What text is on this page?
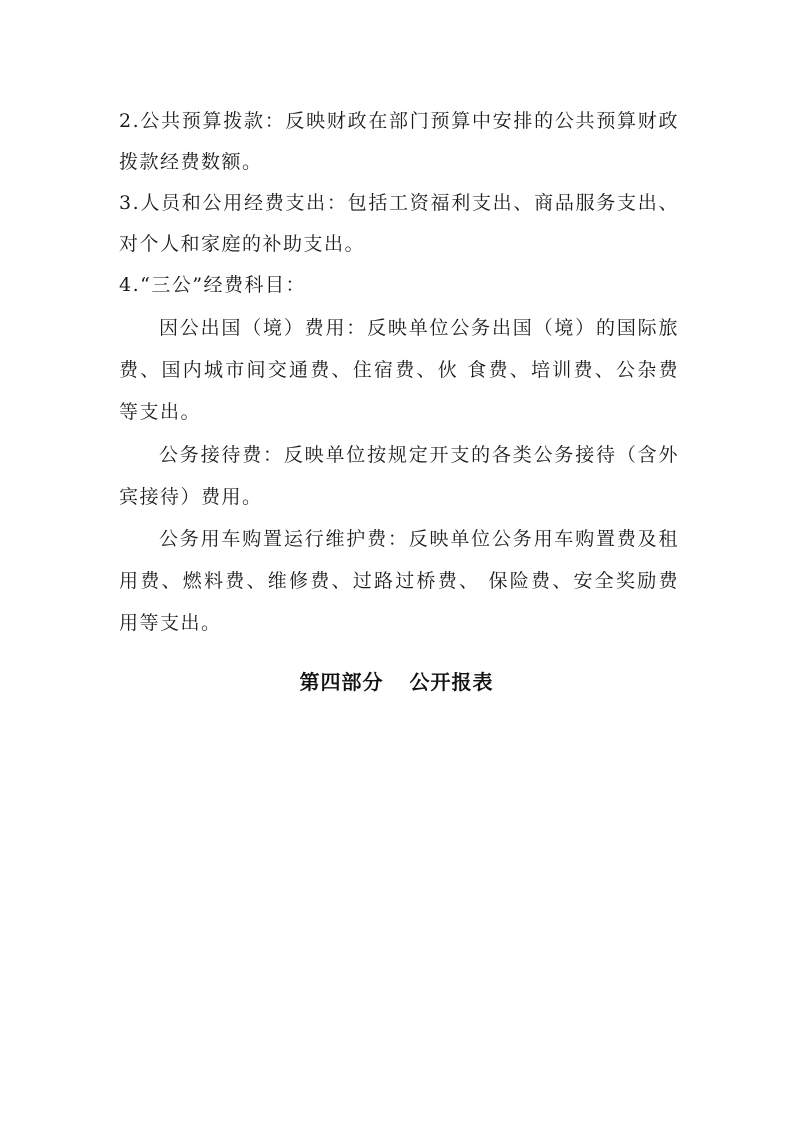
2.公共预算拨款：反映财政在部门预算中安排的公共预算财政
拨款经费数额。
3.人员和公用经费支出：包括工资福利支出、商品服务支出、
对个人和家庭的补助支出。
4.“三公”经费科目：
因公出国（境）费用：反映单位公务出国（境）的国际旅
费、国内城市间交通费、住宿费、伙 食费、培训费、公杂费
等支出。
公务接待费：反映单位按规定开支的各类公务接待（含外
宾接待）费用。
公务用车购置运行维护费：反映单位公务用车购置费及租
用费、燃料费、维修费、过路过桥费、 保险费、安全奖励费
用等支出。
第四部分 公开报表
